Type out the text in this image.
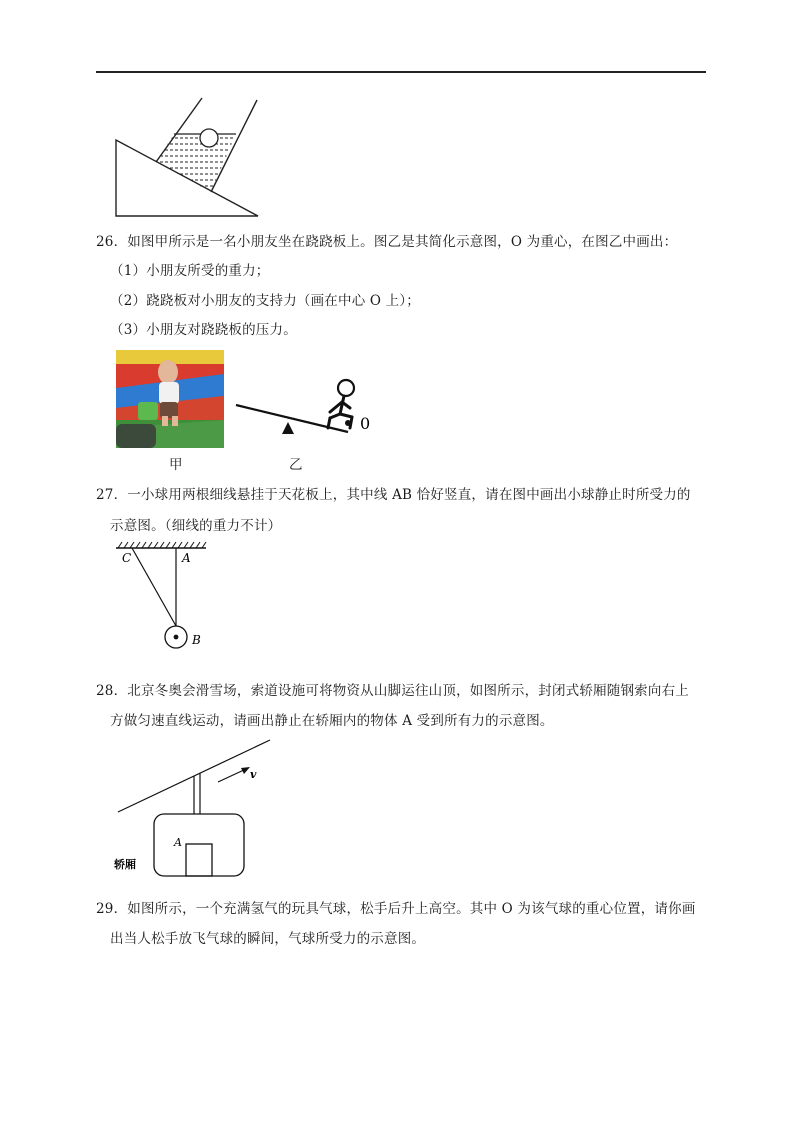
26．如图甲所示是一名小朋友坐在跷跷板上。图乙是其简化示意图，O 为重心，在图乙中画出：
（1）小朋友所受的重力；
（2）跷跷板对小朋友的支持力（画在中心 O 上）；
（3）小朋友对跷跷板的压力。
甲
0
乙
27．一小球用两根细线悬挂于天花板上，其中线 AB 恰好竖直，请在图中画出小球静止时所受力的
示意图。（细线的重力不计）
C	A
B
28．北京冬奥会滑雪场，索道设施可将物资从山脚运往山顶，如图所示，封闭式轿厢随钢索向右上
方做匀速直线运动，请画出静止在轿厢内的物体 A 受到所有力的示意图。
v
A
轿厢
29．如图所示，一个充满氢气的玩具气球，松手后升上高空。其中 O 为该气球的重心位置，请你画
出当人松手放飞气球的瞬间，气球所受力的示意图。
